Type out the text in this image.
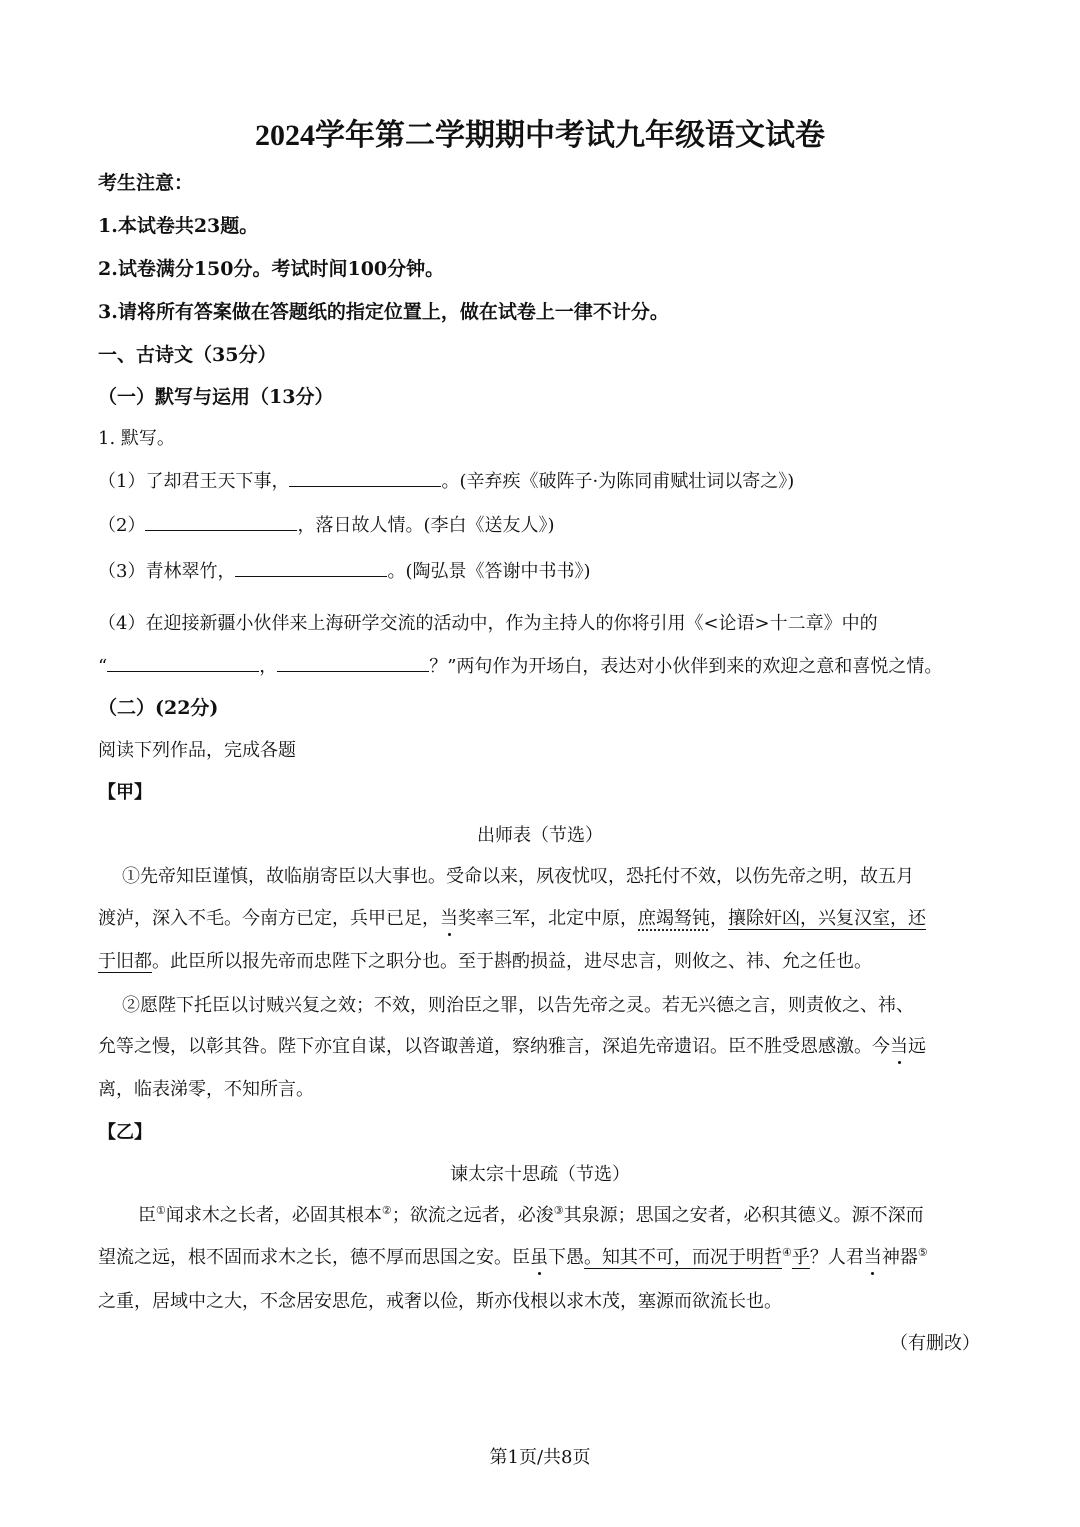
2024学年第二学期期中考试九年级语文试卷
考生注意：
1.本试卷共23题。
2.试卷满分150分。考试时间100分钟。
3.请将所有答案做在答题纸的指定位置上，做在试卷上一律不计分。
一、古诗文（35分）
（一）默写与运用（13分）
1. 默写。
（1）了却君王天下事，	。(辛弃疾《破阵子·为陈同甫赋壮词以寄之》)
（2）	，落日故人情。(李白《送友人》)
（3）青林翠竹，	。(陶弘景《答谢中书书》)
（4）在迎接新疆小伙伴来上海研学交流的活动中，作为主持人的你将引用《<论语>十二章》中的
“	，	？”两句作为开场白，表达对小伙伴到来的欢迎之意和喜悦之情。
（二）(22分)
阅读下列作品，完成各题
【甲】
出师表（节选）
①先帝知臣谨慎，故临崩寄臣以大事也。受命以来，夙夜忧叹，恐托付不效，以伤先帝之明，故五月
渡泸，深入不毛。今南方已定，兵甲已足，当奖率三军，北定中原，庶竭驽钝，攘除奸凶，兴复汉室，还
于旧都。此臣所以报先帝而忠陛下之职分也。至于斟酌损益，进尽忠言，则攸之、祎、允之任也。
②愿陛下托臣以讨贼兴复之效；不效，则治臣之罪，以告先帝之灵。若无兴德之言，则责攸之、祎、
允等之慢，以彰其咎。陛下亦宜自谋，以咨诹善道，察纳雅言，深追先帝遗诏。臣不胜受恩感激。今当远
离，临表涕零，不知所言。
【乙】
谏太宗十思疏（节选）
臣①闻求木之长者，必固其根本②；欲流之远者，必浚③其泉源；思国之安者，必积其德义。源不深而
望流之远，根不固而求木之长，德不厚而思国之安。臣虽下愚。知其不可，而况于明哲④乎？人君当神器⑤
之重，居域中之大，不念居安思危，戒奢以俭，斯亦伐根以求木茂，塞源而欲流长也。
（有删改）
第1页/共8页
